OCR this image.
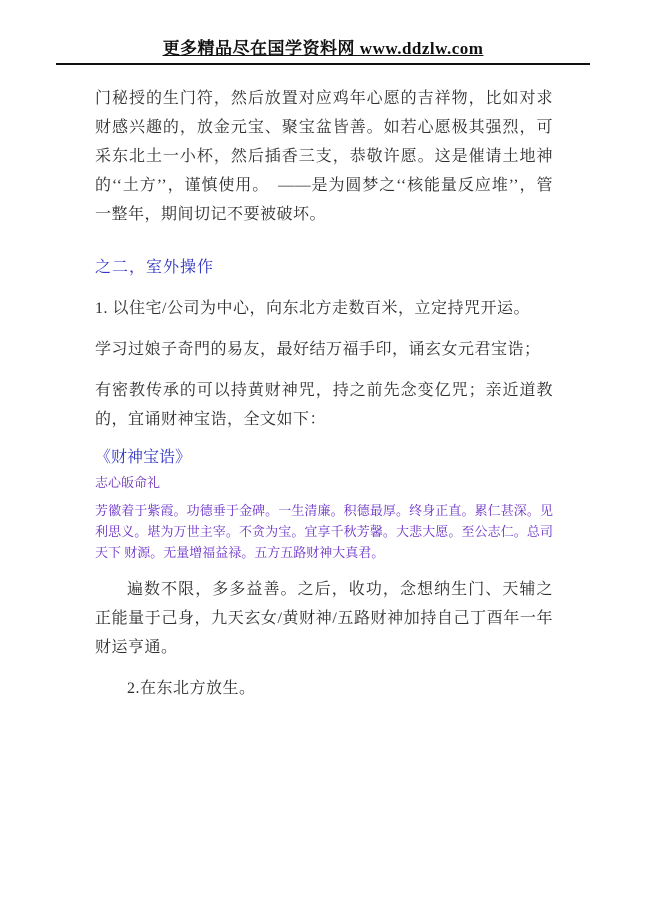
更多精品尽在国学资料网 www.ddzlw.com

门秘授的生门符，然后放置对应鸡年心愿的吉祥物，比如对求财感兴趣的，放金元宝、聚宝盆皆善。如若心愿极其强烈，可采东北土一小杯，然后插香三支，恭敬许愿。这是催请土地神的‘‘土方’’，谨慎使用。　——是为圆梦之‘‘核能量反应堆’’，管一整年，期间切记不要被破坏。

之二，室外操作

1. 以住宅/公司为中心，向东北方走数百米，立定持咒开运。

学习过娘子奇門的易友，最好结万福手印，诵玄女元君宝诰；

有密教传承的可以持黄财神咒，持之前先念变亿咒；亲近道教的，宜诵财神宝诰，全文如下：

《财神宝诰》

志心皈命礼

芳徽着于紫霞。功德垂于金碑。一生清廉。积德最厚。终身正直。累仁甚深。见利思义。堪为万世主宰。不贪为宝。宜享千秋芳馨。大悲大愿。至公志仁。总司天下 财源。无量增福益禄。五方五路财神大真君。

遍数不限，多多益善。之后，收功，念想纳生门、天辅之正能量于己身，九天玄女/黄财神/五路财神加持自己丁酉年一年财运亨通。

2.在东北方放生。
